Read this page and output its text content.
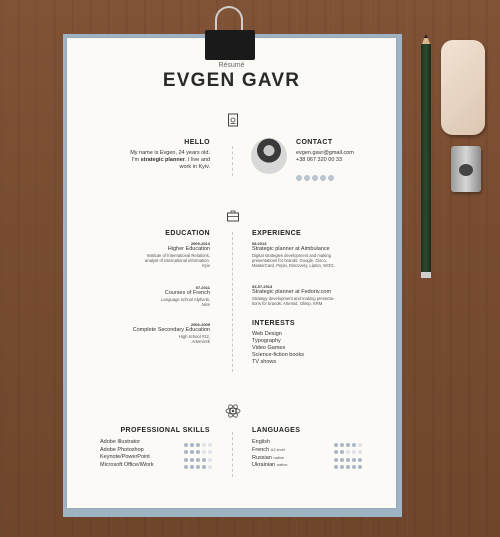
Résumé
EVGEN GAVR
HELLO
My name is Evgen, 24 years old.
I'm strategic planner. I live and
work in Kyiv.
CONTACT
evgen.gavr@gmail.com
+38 067 320 00 33
EDUCATION
2009-2013
Higher Education
Institute of International Relations,
analyst of international information.
Kyiv
07.2011
Courses of French
Language school Alpha-B,
Nice
2006-2009
Complete Secondary Education
High school #12,
Artemivsk
EXPERIENCE
08.2013
Strategic planner at Aimbulance
Digital strategies development and making
presentations for brands: Google, Cisco,
MasterCard, Pepsi, Discovery, Lipton, WOG.
03-07.2013
Strategic planner at Fedoriv.com
Strategy development and making presenta-
tions for brands: Artemid, Olimp, KRM.
INTERESTS
Web Design
Typography
Video Games
Science-fiction books
TV shows
PROFESSIONAL SKILLS
Adobe Illustrator
Adobe Photoshop
Keynote/PowerPoint
Microsoft Office/iWork
LANGUAGES
English
French A2 level
Russian native
Ukrainian native
